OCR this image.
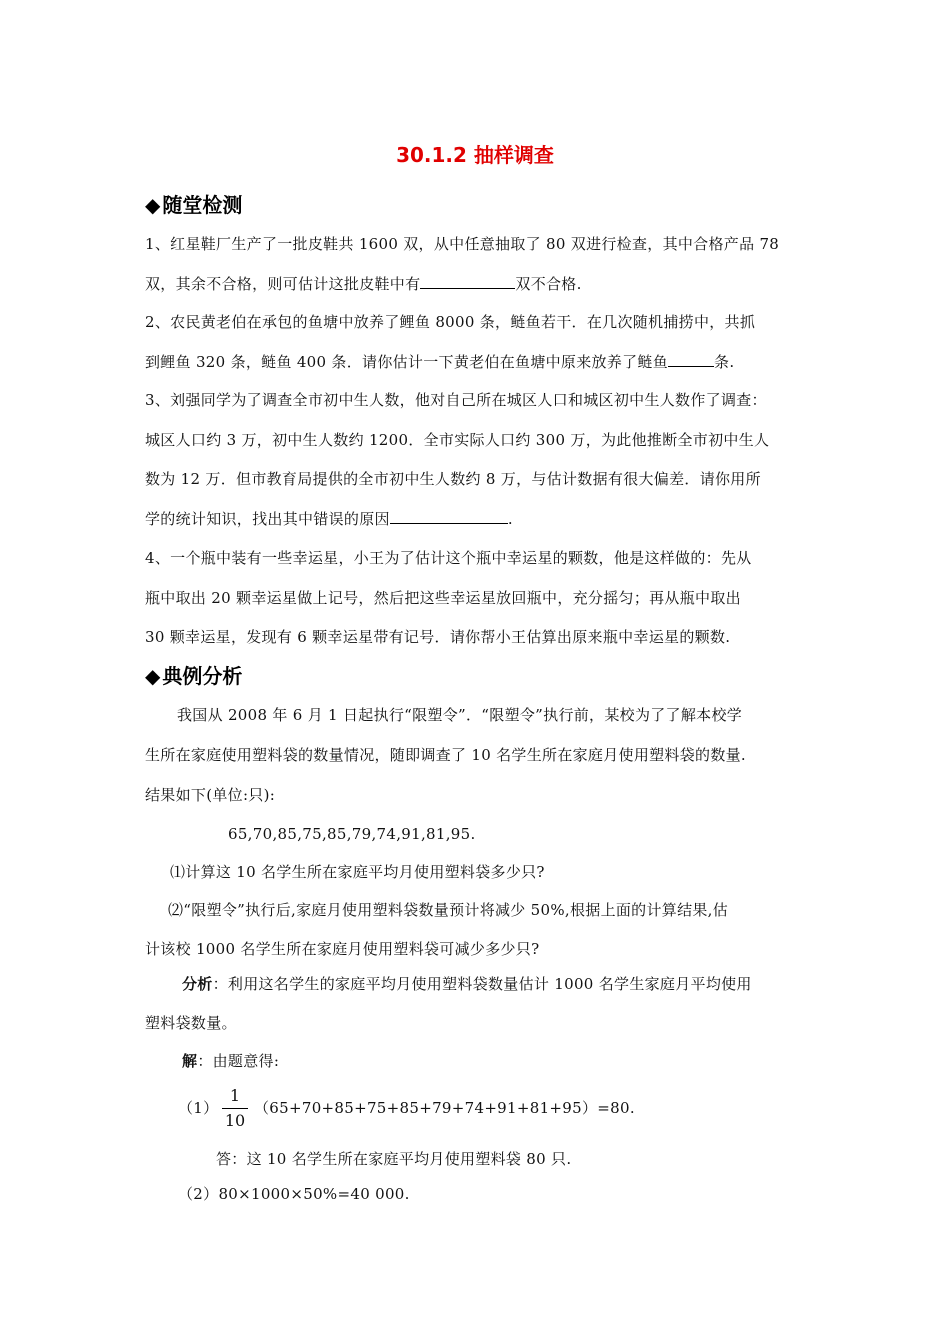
30.1.2 抽样调查
◆ 随堂检测
1、红星鞋厂生产了一批皮鞋共 1600 双，从中任意抽取了 80 双进行检查，其中合格产品 78
双，其余不合格，则可估计这批皮鞋中有	双不合格.
2、农民黄老伯在承包的鱼塘中放养了鲤鱼 8000 条，鲢鱼若干．在几次随机捕捞中，共抓
到鲤鱼 320 条，鲢鱼 400 条．请你估计一下黄老伯在鱼塘中原来放养了鲢鱼	条.
3、刘强同学为了调查全市初中生人数，他对自己所在城区人口和城区初中生人数作了调查：
城区人口约 3 万，初中生人数约 1200．全市实际人口约 300 万，为此他推断全市初中生人
数为 12 万．但市教育局提供的全市初中生人数约 8 万，与估计数据有很大偏差．请你用所
学的统计知识，找出其中错误的原因	.
4、一个瓶中装有一些幸运星，小王为了估计这个瓶中幸运星的颗数，他是这样做的：先从
瓶中取出 20 颗幸运星做上记号，然后把这些幸运星放回瓶中，充分摇匀；再从瓶中取出
30 颗幸运星，发现有 6 颗幸运星带有记号．请你帮小王估算出原来瓶中幸运星的颗数.
◆ 典例分析
我国从 2008 年 6 月 1 日起执行“限塑令”．“限塑令”执行前，某校为了了解本校学
生所在家庭使用塑料袋的数量情况，随即调查了 10 名学生所在家庭月使用塑料袋的数量.
结果如下(单位:只):
65,70,85,75,85,79,74,91,81,95.
⑴计算这 10 名学生所在家庭平均月使用塑料袋多少只?
⑵“限塑令”执行后,家庭月使用塑料袋数量预计将减少 50%,根据上面的计算结果,估
计该校 1000 名学生所在家庭月使用塑料袋可减少多少只?
分析：利用这名学生的家庭平均月使用塑料袋数量估计 1000 名学生家庭月平均使用
塑料袋数量。
解：由题意得:
$(1) \frac{1}{10} (65+70+85+75+85+79+74+91+81+95)=80$.
答：这 10 名学生所在家庭平均月使用塑料袋 80 只.
（2）80×1000×50%=40 000.
